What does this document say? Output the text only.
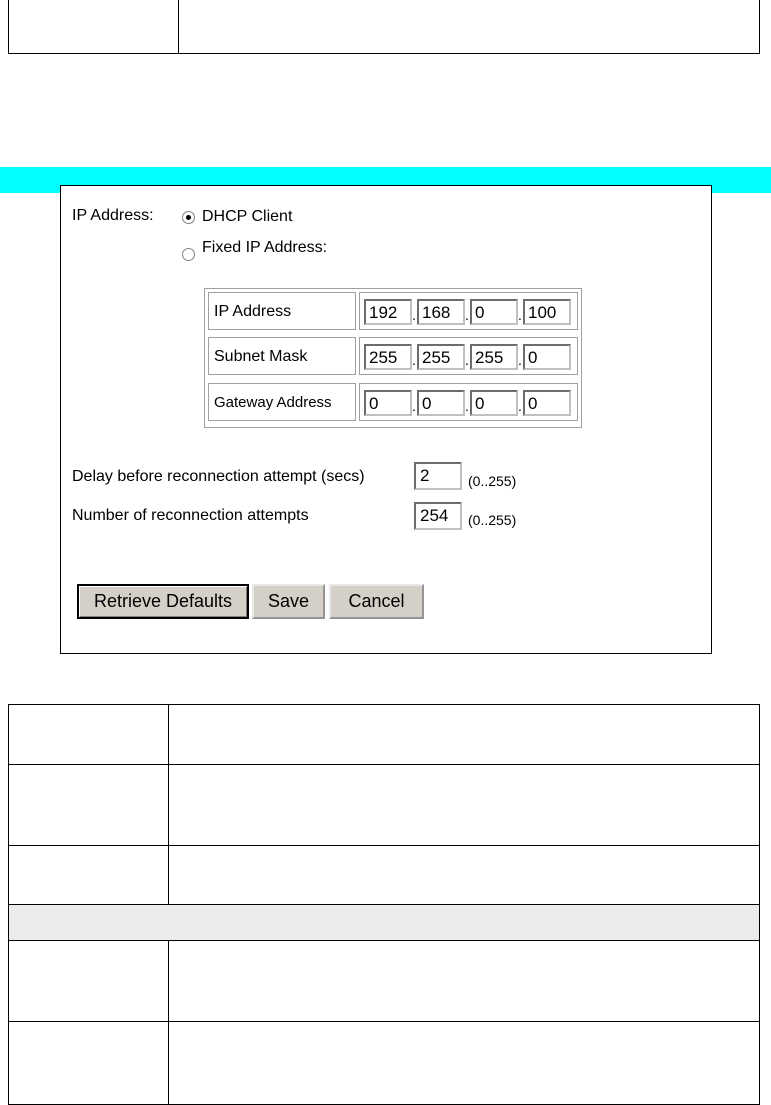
IP Address:	DHCP Client
Fixed IP Address:
IP Address	192	. 168	. 0	. 100
Subnet Mask	255	. 255	. 255	. 0
Gateway Address	0	. 0	. 0	. 0
Delay before reconnection attempt (secs)	2	(0..255)
Number of reconnection attempts	254	(0..255)
Retrieve Defaults	Save	Cancel
